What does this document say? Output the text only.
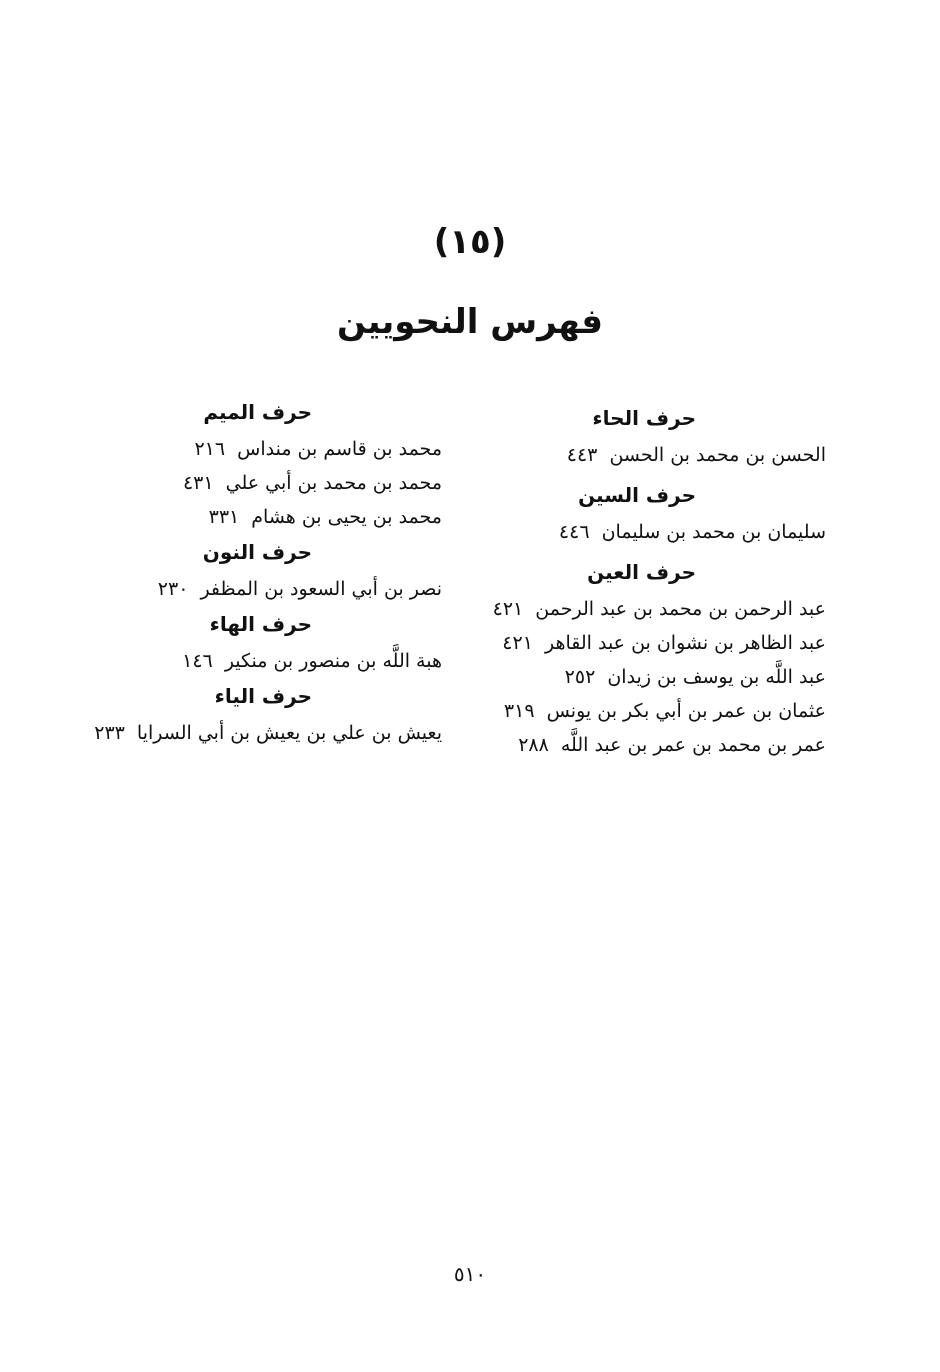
(١٥)
فهرس النحويين
حرف الحاء
الحسن بن محمد بن الحسن ٤٤٣
حرف السين
سليمان بن محمد بن سليمان ٤٤٦
حرف العين
عبد الرحمن بن محمد بن عبد الرحمن ٤٢١
عبد الظاهر بن نشوان بن عبد القاهر ٤٢١
عبد اللَّه بن يوسف بن زيدان ٢٥٢
عثمان بن عمر بن أبي بكر بن يونس ٣١٩
عمر بن محمد بن عمر بن عبد اللَّه ٢٨٨
حرف الميم
محمد بن قاسم بن منداس ٢١٦
محمد بن محمد بن أبي علي ٤٣١
محمد بن يحيى بن هشام ٣٣١
حرف النون
نصر بن أبي السعود بن المظفر ٢٣٠
حرف الهاء
هبة اللَّه بن منصور بن منكير ١٤٦
حرف الياء
يعيش بن علي بن يعيش بن أبي السرايا ٢٣٣
٥١٠
